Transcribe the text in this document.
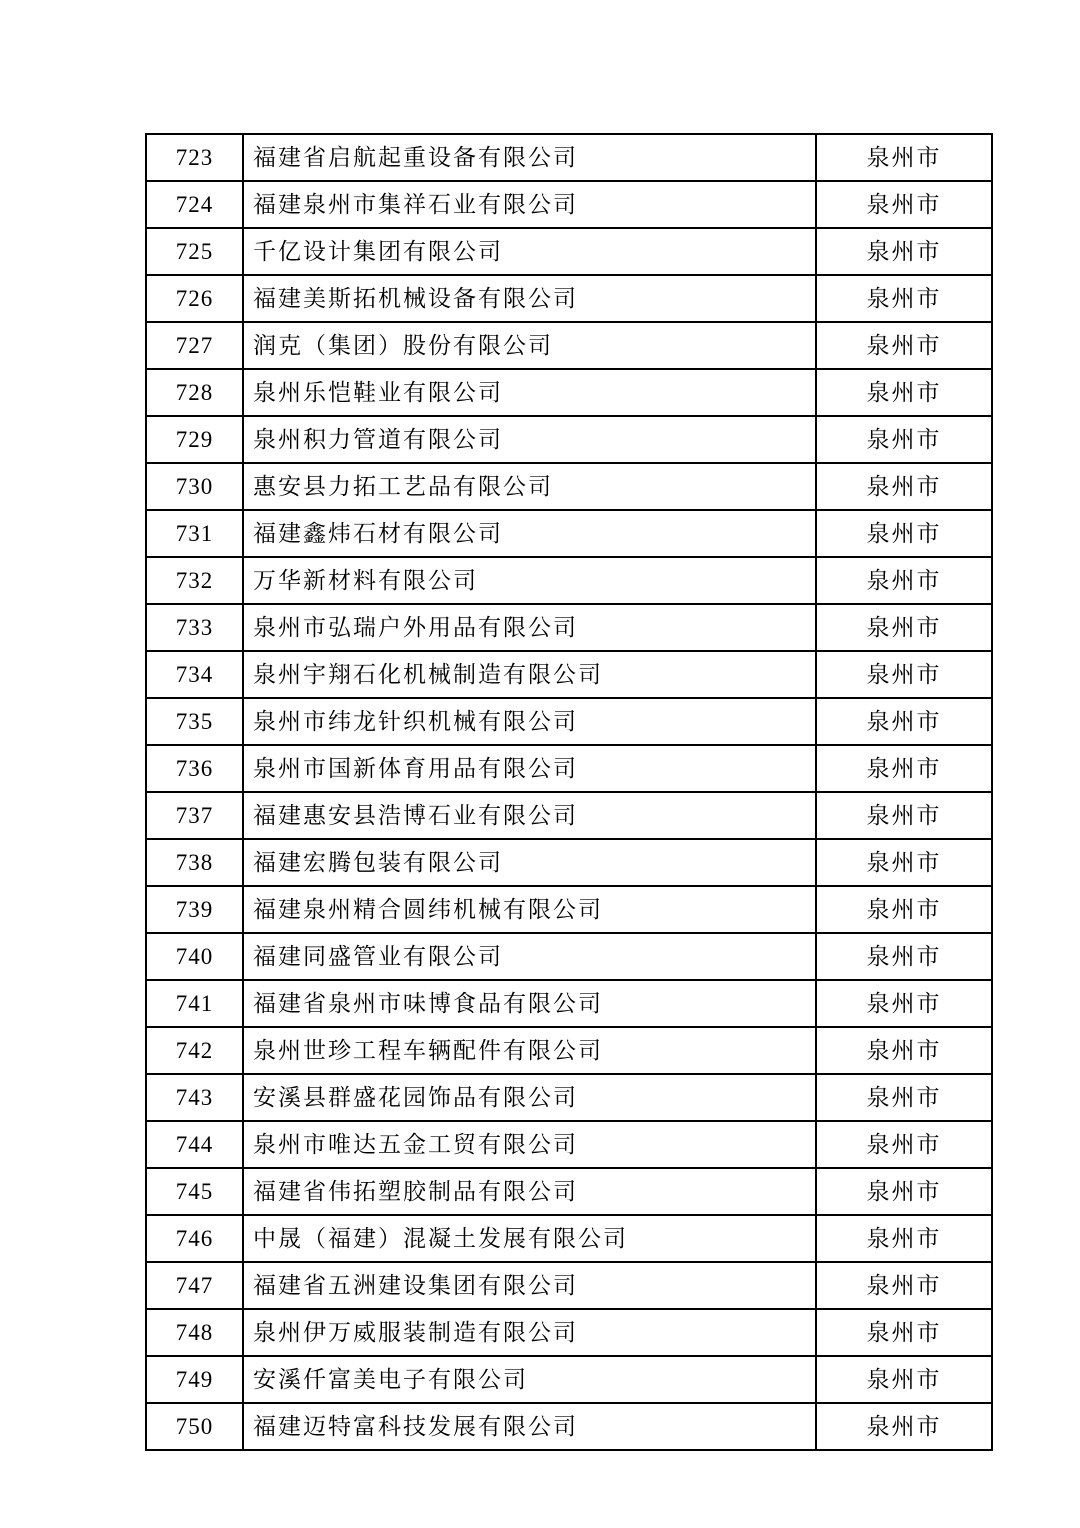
723	福建省启航起重设备有限公司	泉州市
724	福建泉州市集祥石业有限公司	泉州市
725	千亿设计集团有限公司	泉州市
726	福建美斯拓机械设备有限公司	泉州市
727	润克（集团）股份有限公司	泉州市
728	泉州乐恺鞋业有限公司	泉州市
729	泉州积力管道有限公司	泉州市
730	惠安县力拓工艺品有限公司	泉州市
731	福建鑫炜石材有限公司	泉州市
732	万华新材料有限公司	泉州市
733	泉州市弘瑞户外用品有限公司	泉州市
734	泉州宇翔石化机械制造有限公司	泉州市
735	泉州市纬龙针织机械有限公司	泉州市
736	泉州市国新体育用品有限公司	泉州市
737	福建惠安县浩博石业有限公司	泉州市
738	福建宏腾包装有限公司	泉州市
739	福建泉州精合圆纬机械有限公司	泉州市
740	福建同盛管业有限公司	泉州市
741	福建省泉州市味博食品有限公司	泉州市
742	泉州世珍工程车辆配件有限公司	泉州市
743	安溪县群盛花园饰品有限公司	泉州市
744	泉州市唯达五金工贸有限公司	泉州市
745	福建省伟拓塑胶制品有限公司	泉州市
746	中晟（福建）混凝土发展有限公司	泉州市
747	福建省五洲建设集团有限公司	泉州市
748	泉州伊万威服装制造有限公司	泉州市
749	安溪仟富美电子有限公司	泉州市
750	福建迈特富科技发展有限公司	泉州市
